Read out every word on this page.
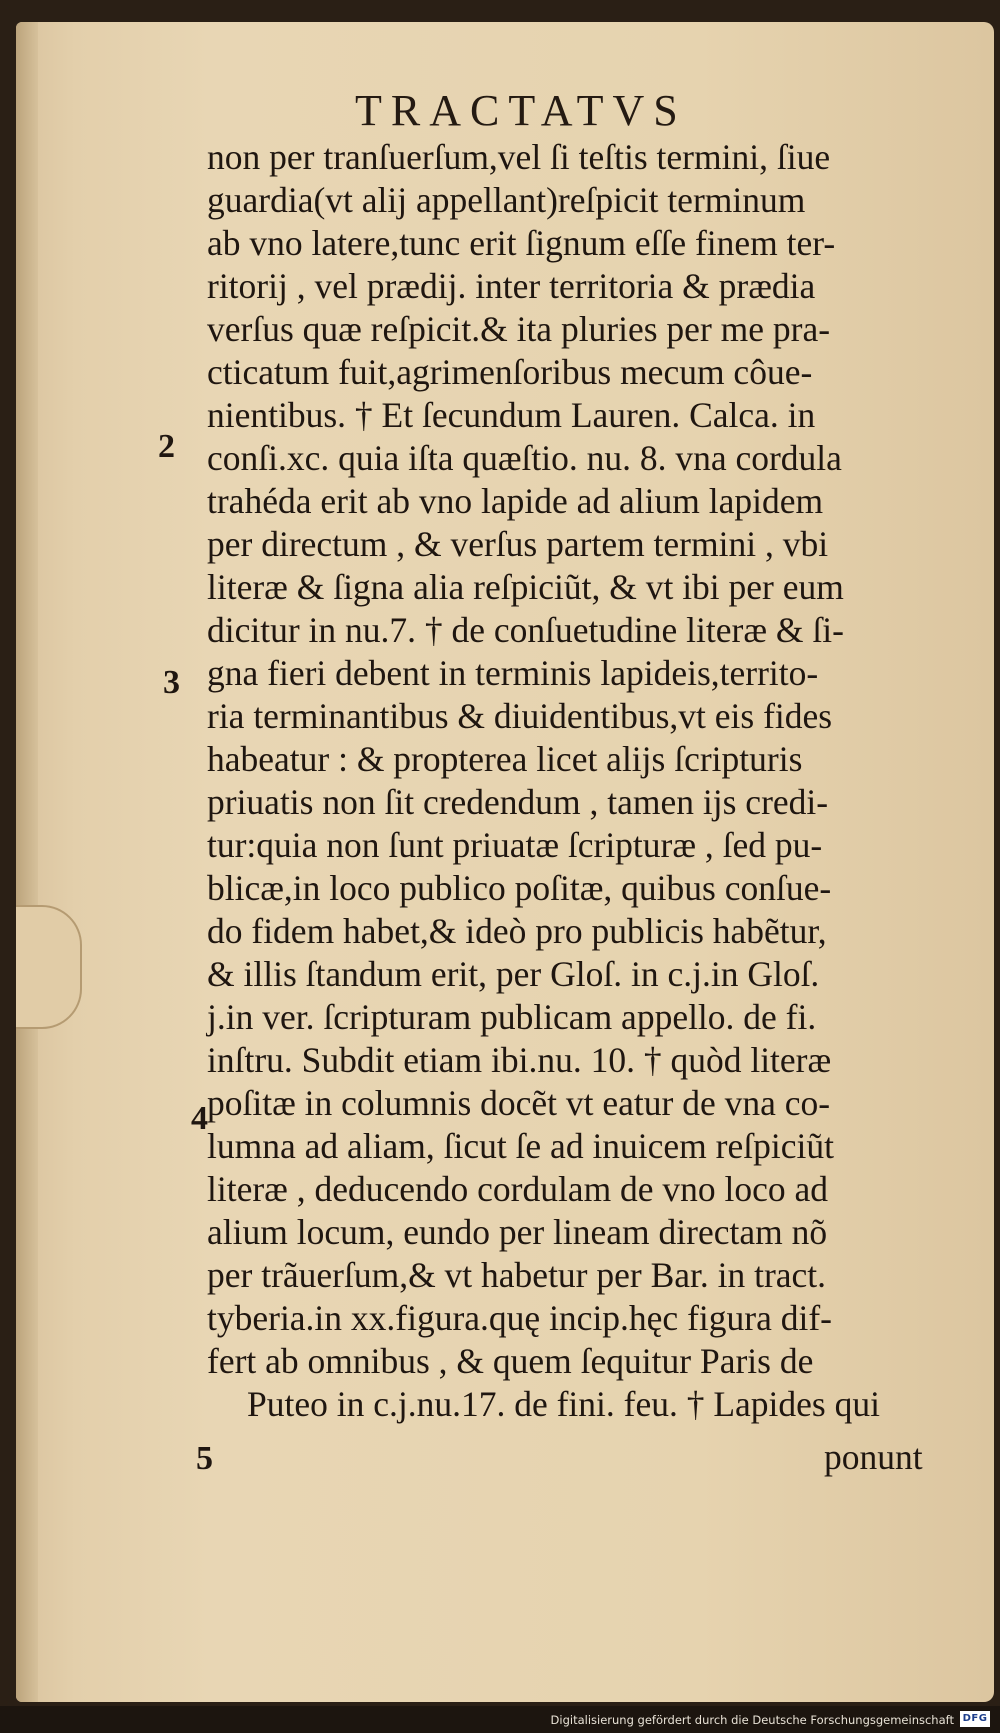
TRACTATVS
non per tranſuerſum,vel ſi teſtis termini, ſiue
guardia(vt alij appellant)reſpicit terminum
ab vno latere,tunc erit ſignum eſſe finem ter-
ritorij , vel prædij. inter territoria & prædia
verſus quæ reſpicit.& ita pluries per me pra-
cticatum fuit,agrimenſoribus mecum côue-
nientibus. † Et ſecundum Lauren. Calca. in
conſi.xc. quia iſta quæſtio. nu. 8. vna cordula
trahéda erit ab vno lapide ad alium lapidem
per directum , & verſus partem termini , vbi
literæ & ſigna alia reſpiciũt, & vt ibi per eum
dicitur in nu.7. † de conſuetudine literæ & ſi-
gna fieri debent in terminis lapideis,territo-
ria terminantibus & diuidentibus,vt eis fides
habeatur : & propterea licet alijs ſcripturis
priuatis non ſit credendum , tamen ijs credi-
tur:quia non ſunt priuatæ ſcripturæ , ſed pu-
blicæ,in loco publico poſitæ, quibus conſue-
do fidem habet,& ideò pro publicis habẽtur,
& illis ſtandum erit, per Gloſ. in c.j.in Gloſ.
j.in ver. ſcripturam publicam appello. de fi.
inſtru. Subdit etiam ibi.nu. 10. † quòd literæ
poſitæ in columnis docẽt vt eatur de vna co-
lumna ad aliam, ſicut ſe ad inuicem reſpiciũt
literæ , deducendo cordulam de vno loco ad
alium locum, eundo per lineam directam nõ
per trãuerſum,& vt habetur per Bar. in tract.
tyberia.in xx.figura.quę incip.hęc figura dif-
fert ab omnibus , & quem ſequitur Paris de
Puteo in c.j.nu.17. de fini. feu. † Lapides qui
ponunt
2
3
4
5
Digitalisierung gefördert durch die Deutsche Forschungsgemeinschaft DFG
